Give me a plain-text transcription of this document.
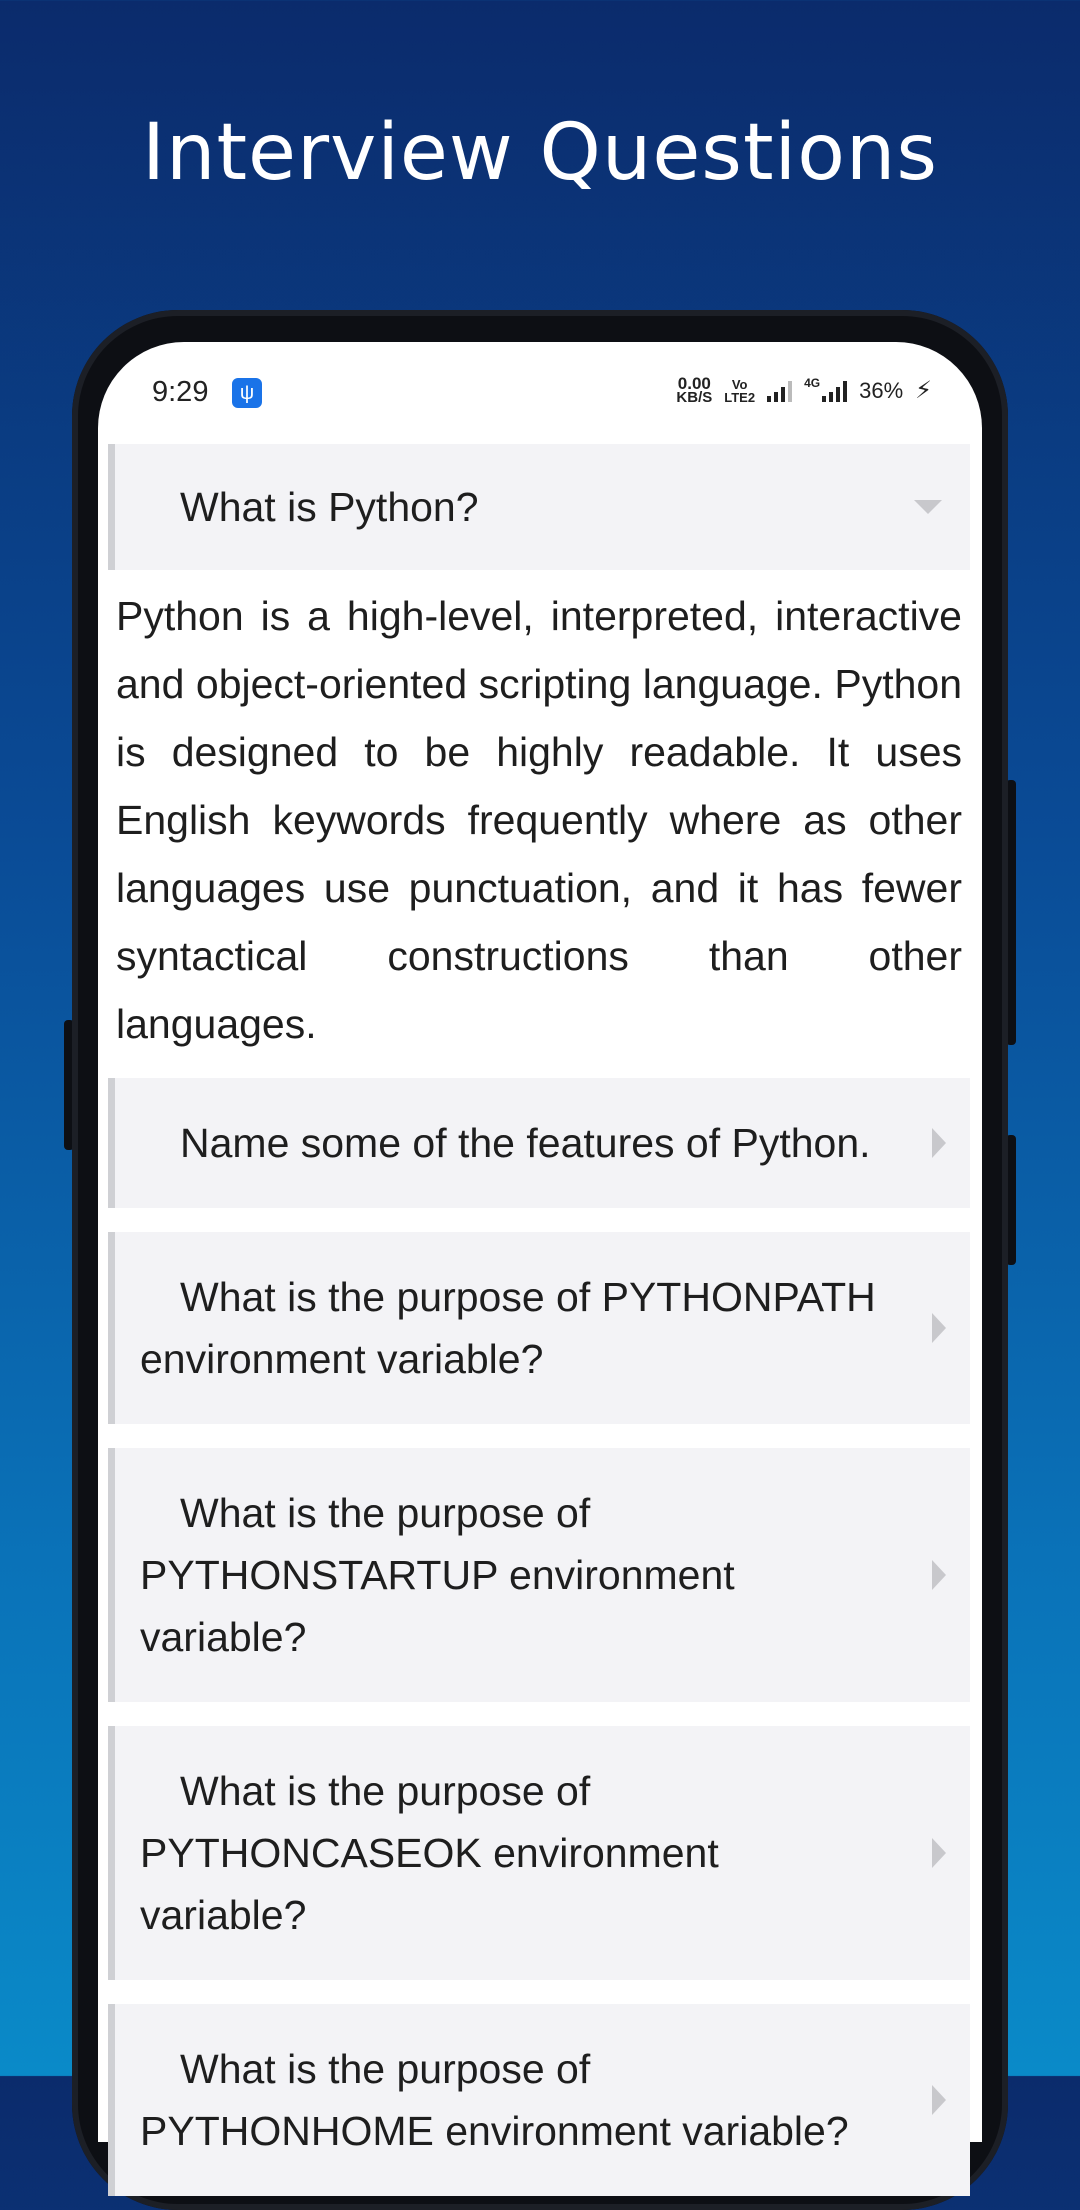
Interview Questions
9:29	ψ	0.00
KB/S
Vo
LTE2
4G 36% ⚡︎
What is Python?
Python is a high-level, interpreted, interactive and object-oriented scripting language. Python is designed to be highly readable. It uses English keywords frequently where as other languages use punctuation, and it has fewer syntactical constructions than other languages.
Name some of the features of Python.
What is the purpose of PYTHONPATH environment variable?
What is the purpose of PYTHONSTARTUP environment variable?
What is the purpose of PYTHONCASEOK environment variable?
What is the purpose of PYTHONHOME environment variable?
